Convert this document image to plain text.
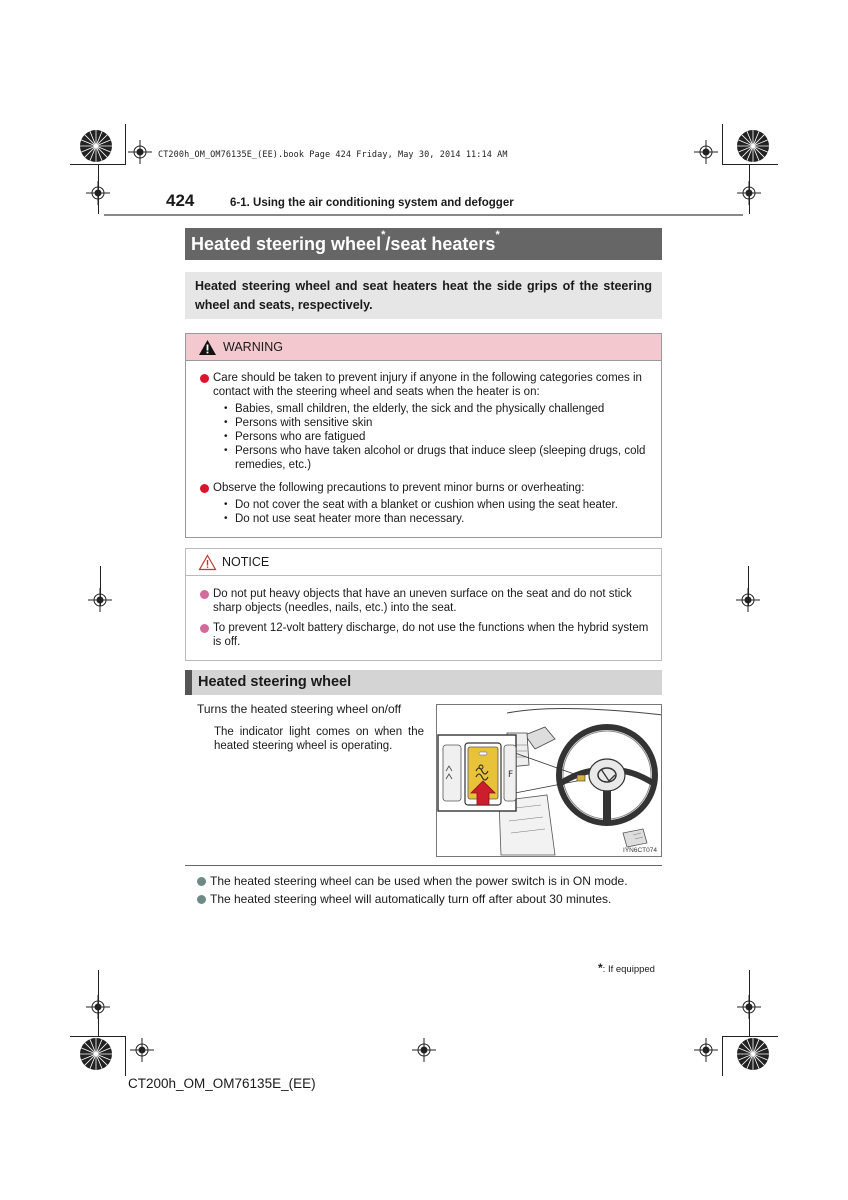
CT200h_OM_OM76135E_(EE).book Page 424 Friday, May 30, 2014 11:14 AM
424	6-1. Using the air conditioning system and defogger
Heated steering wheel*/seat heaters*
Heated steering wheel and seat heaters heat the side grips of the steering wheel and seats, respectively.
WARNING
Care should be taken to prevent injury if anyone in the following categories comes in contact with the steering wheel and seats when the heater is on:
• Babies, small children, the elderly, the sick and the physically challenged
• Persons with sensitive skin
• Persons who are fatigued
• Persons who have taken alcohol or drugs that induce sleep (sleeping drugs, cold remedies, etc.)
Observe the following precautions to prevent minor burns or overheating:
• Do not cover the seat with a blanket or cushion when using the seat heater.
• Do not use seat heater more than necessary.
NOTICE
Do not put heavy objects that have an uneven surface on the seat and do not stick sharp objects (needles, nails, etc.) into the seat.
To prevent 12-volt battery discharge, do not use the functions when the hybrid system is off.
Heated steering wheel
Turns the heated steering wheel on/off
The indicator light comes on when the heated steering wheel is operating.
F
IYN6CT074
The heated steering wheel can be used when the power switch is in ON mode.
The heated steering wheel will automatically turn off after about 30 minutes.
*: If equipped
CT200h_OM_OM76135E_(EE)
